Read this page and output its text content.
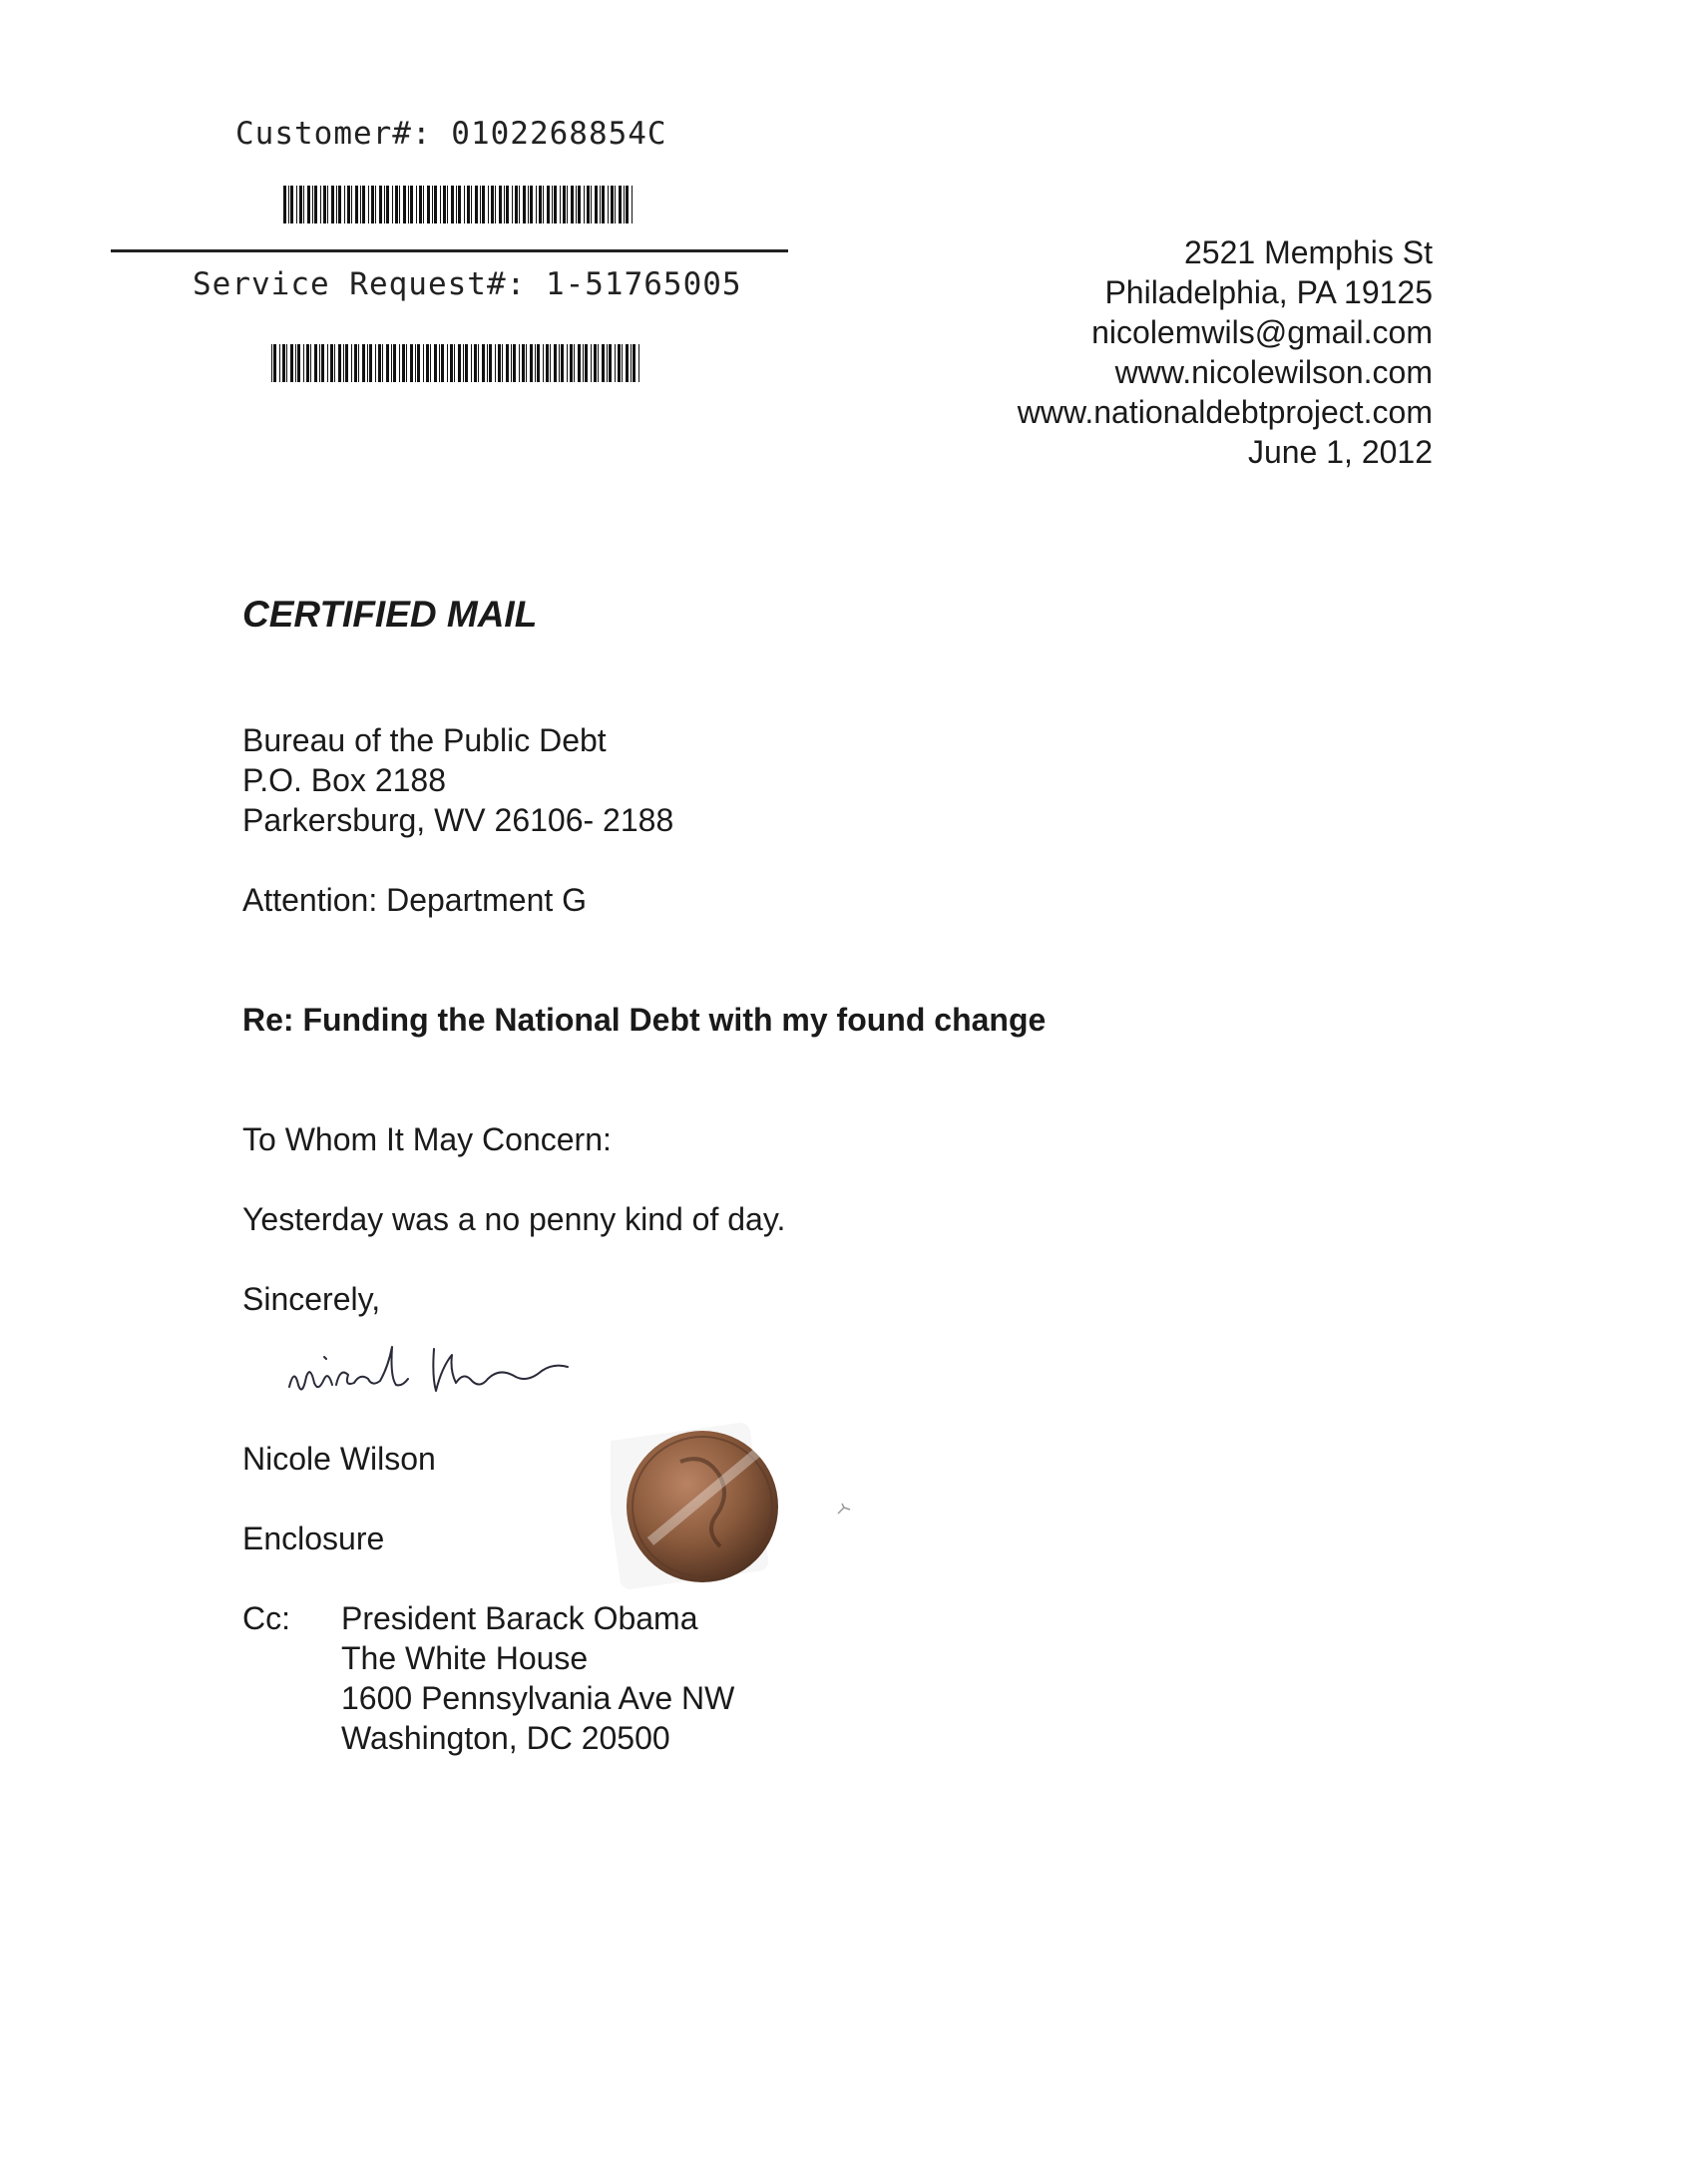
Customer#: 0102268854C
Service Request#: 1-51765005
2521 Memphis St
Philadelphia, PA 19125
nicolemwils@gmail.com
www.nicolewilson.com
www.nationaldebtproject.com
June 1, 2012
CERTIFIED MAIL
Bureau of the Public Debt
P.O. Box 2188
Parkersburg, WV 26106- 2188
Attention: Department G
Re: Funding the National Debt with my found change
To Whom It May Concern:
Yesterday was a no penny kind of day.
Sincerely,
Nicole Wilson
Enclosure
Cc: President Barack Obama
The White House
1600 Pennsylvania Ave NW
Washington, DC 20500
